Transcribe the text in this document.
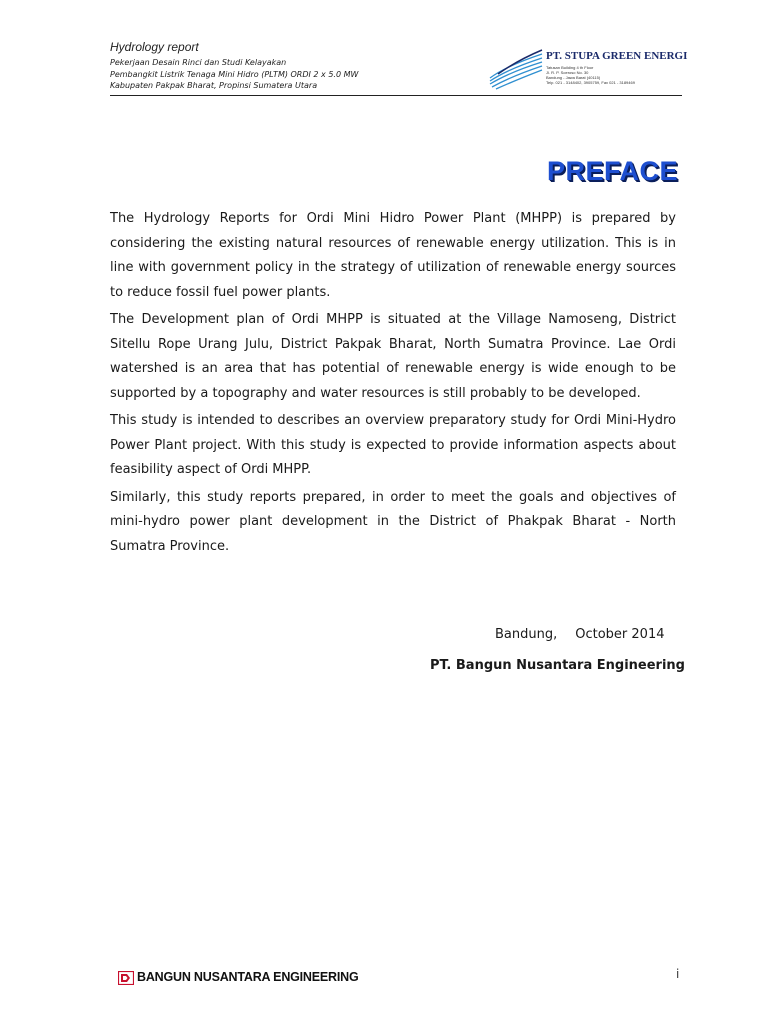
Hydrology report
Pekerjaan Desain Rinci dan Studi Kelayakan
Pembangkit Listrik Tenaga Mini Hidro (PLTM) ORDI 2 x 5.0 MW
Kabupaten Pakpak Bharat, Propinsi Sumatera Utara
PT. STUPA GREEN ENERGI
Tatusan Building 4 th Floor
Jl. R. P. Soeroso No. 30
Bandung - Jawa Barat (40115)
Telp. 021 - 3148402, 3905759, Fax 021 - 3189469
PREFACE

The Hydrology Reports for Ordi Mini Hidro Power Plant (MHPP) is prepared by considering the existing natural resources of renewable energy utilization. This is in line with government policy in the strategy of utilization of renewable energy sources to reduce fossil fuel power plants.

The Development plan of Ordi MHPP is situated at the Village Namoseng, District Sitellu Rope Urang Julu, District Pakpak Bharat, North Sumatra Province. Lae Ordi watershed is an area that has potential of renewable energy is wide enough to be supported by a topography and water resources is still probably to be developed.

This study is intended to describes an overview preparatory study for Ordi Mini-Hydro Power Plant project. With this study is expected to provide information aspects about feasibility aspect of Ordi MHPP.

Similarly, this study reports prepared, in order to meet the goals and objectives of mini-hydro power plant development in the District of Phakpak Bharat - North Sumatra Province.

Bandung, October 2014
PT. Bangun Nusantara Engineering
BANGUN NUSANTARA ENGINEERING	i
